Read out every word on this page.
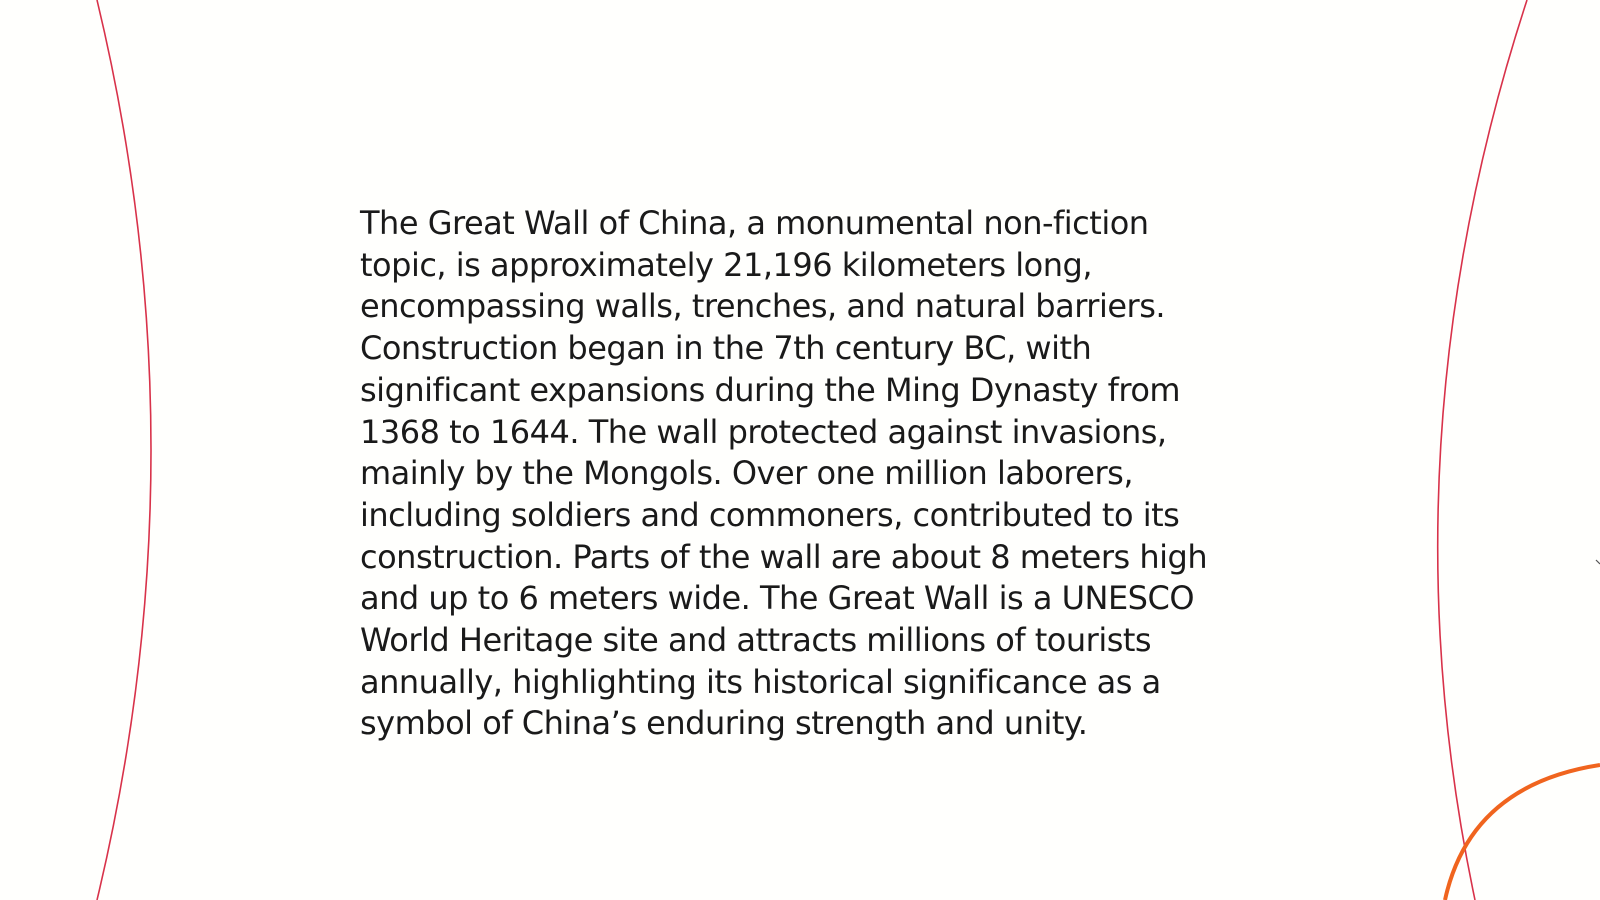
The Great Wall of China, a monumental non-fiction topic, is approximately 21,196 kilometers long, encompassing walls, trenches, and natural barriers. Construction began in the 7th century BC, with significant expansions during the Ming Dynasty from 1368 to 1644. The wall protected against invasions, mainly by the Mongols. Over one million laborers, including soldiers and commoners, contributed to its construction. Parts of the wall are about 8 meters high and up to 6 meters wide. The Great Wall is a UNESCO World Heritage site and attracts millions of tourists annually, highlighting its historical significance as a symbol of China’s enduring strength and unity.
